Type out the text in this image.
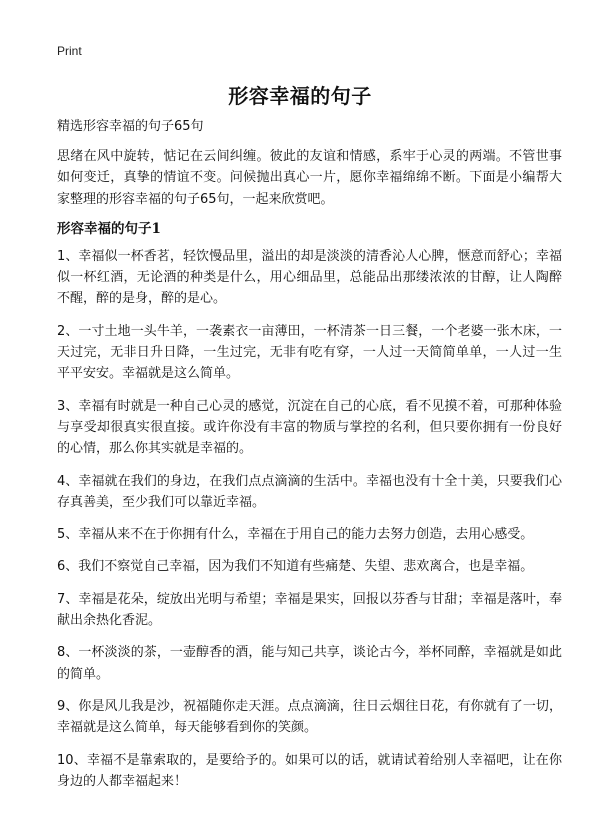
Print
形容幸福的句子

精选形容幸福的句子65句

思绪在风中旋转，惦记在云间纠缠。彼此的友谊和情感，系牢于心灵的两端。不管世事如何变迁，真挚的情谊不变。问候抛出真心一片，愿你幸福绵绵不断。下面是小编帮大家整理的形容幸福的句子65句，一起来欣赏吧。

形容幸福的句子1

1、幸福似一杯香茗，轻饮慢品里，溢出的却是淡淡的清香沁人心脾，惬意而舒心；幸福似一杯红酒，无论酒的种类是什么，用心细品里，总能品出那缕浓浓的甘醇，让人陶醉不醒，醉的是身，醉的是心。

2、一寸土地一头牛羊，一袭素衣一亩薄田，一杯清茶一日三餐，一个老婆一张木床，一天过完，无非日升日降，一生过完，无非有吃有穿，一人过一天简简单单，一人过一生平平安安。幸福就是这么简单。

3、幸福有时就是一种自己心灵的感觉，沉淀在自己的心底，看不见摸不着，可那种体验与享受却很真实很直接。或许你没有丰富的物质与掌控的名利，但只要你拥有一份良好的心情，那么你其实就是幸福的。

4、幸福就在我们的身边，在我们点点滴滴的生活中。幸福也没有十全十美，只要我们心存真善美，至少我们可以靠近幸福。

5、幸福从来不在于你拥有什么，幸福在于用自己的能力去努力创造，去用心感受。

6、我们不察觉自己幸福，因为我们不知道有些痛楚、失望、悲欢离合，也是幸福。

7、幸福是花朵，绽放出光明与希望；幸福是果实，回报以芬香与甘甜；幸福是落叶，奉献出余热化香泥。

8、一杯淡淡的茶，一壶醇香的酒，能与知己共享，谈论古今，举杯同醉，幸福就是如此的简单。

9、你是风儿我是沙，祝福随你走天涯。点点滴滴，往日云烟往日花，有你就有了一切，幸福就是这么简单，每天能够看到你的笑颜。

10、幸福不是靠索取的，是要给予的。如果可以的话，就请试着给别人幸福吧，让在你身边的人都幸福起来！
